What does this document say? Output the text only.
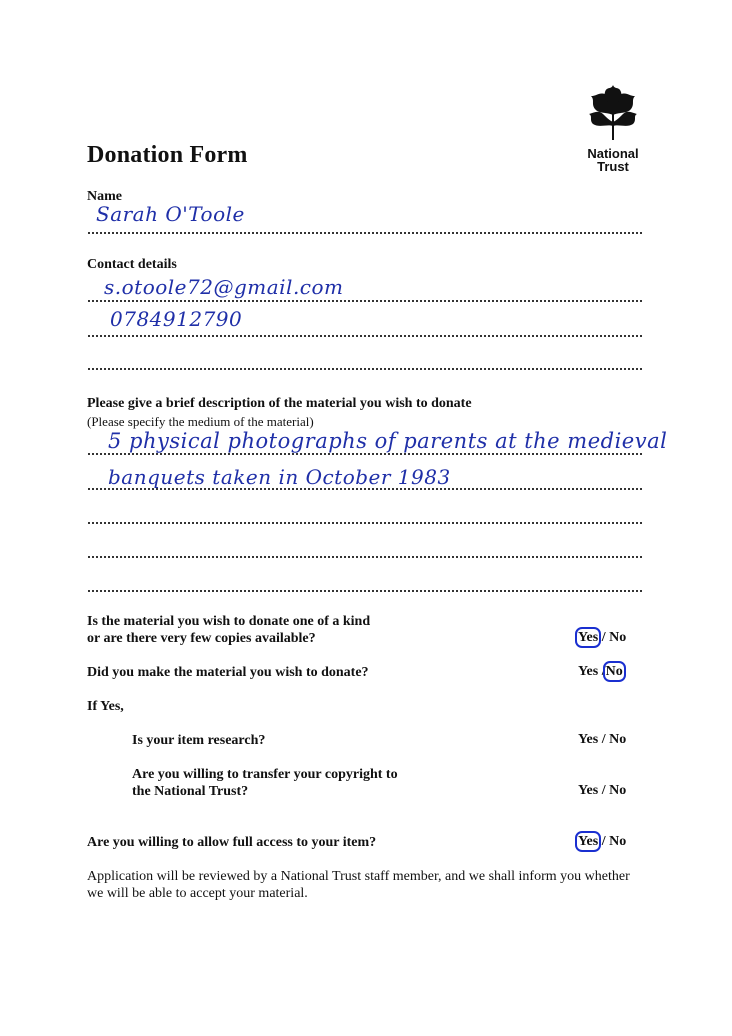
National
Trust
Donation Form
Name
Sarah O'Toole
Contact details
s.otoole72@gmail.com
0784912790
Please give a brief description of the material you wish to donate
(Please specify the medium of the material)
5 physical photographs of parents at the medieval
banquets taken in October 1983
Is the material you wish to donate one of a kind
or are there very few copies available?	Yes / No
Did you make the material you wish to donate?	Yes /No
If Yes,
Is your item research?	Yes / No
Are you willing to transfer your copyright to
the National Trust?	Yes / No
Are you willing to allow full access to your item?	Yes / No
Application will be reviewed by a National Trust staff member, and we shall inform you whether we will be able to accept your material.
